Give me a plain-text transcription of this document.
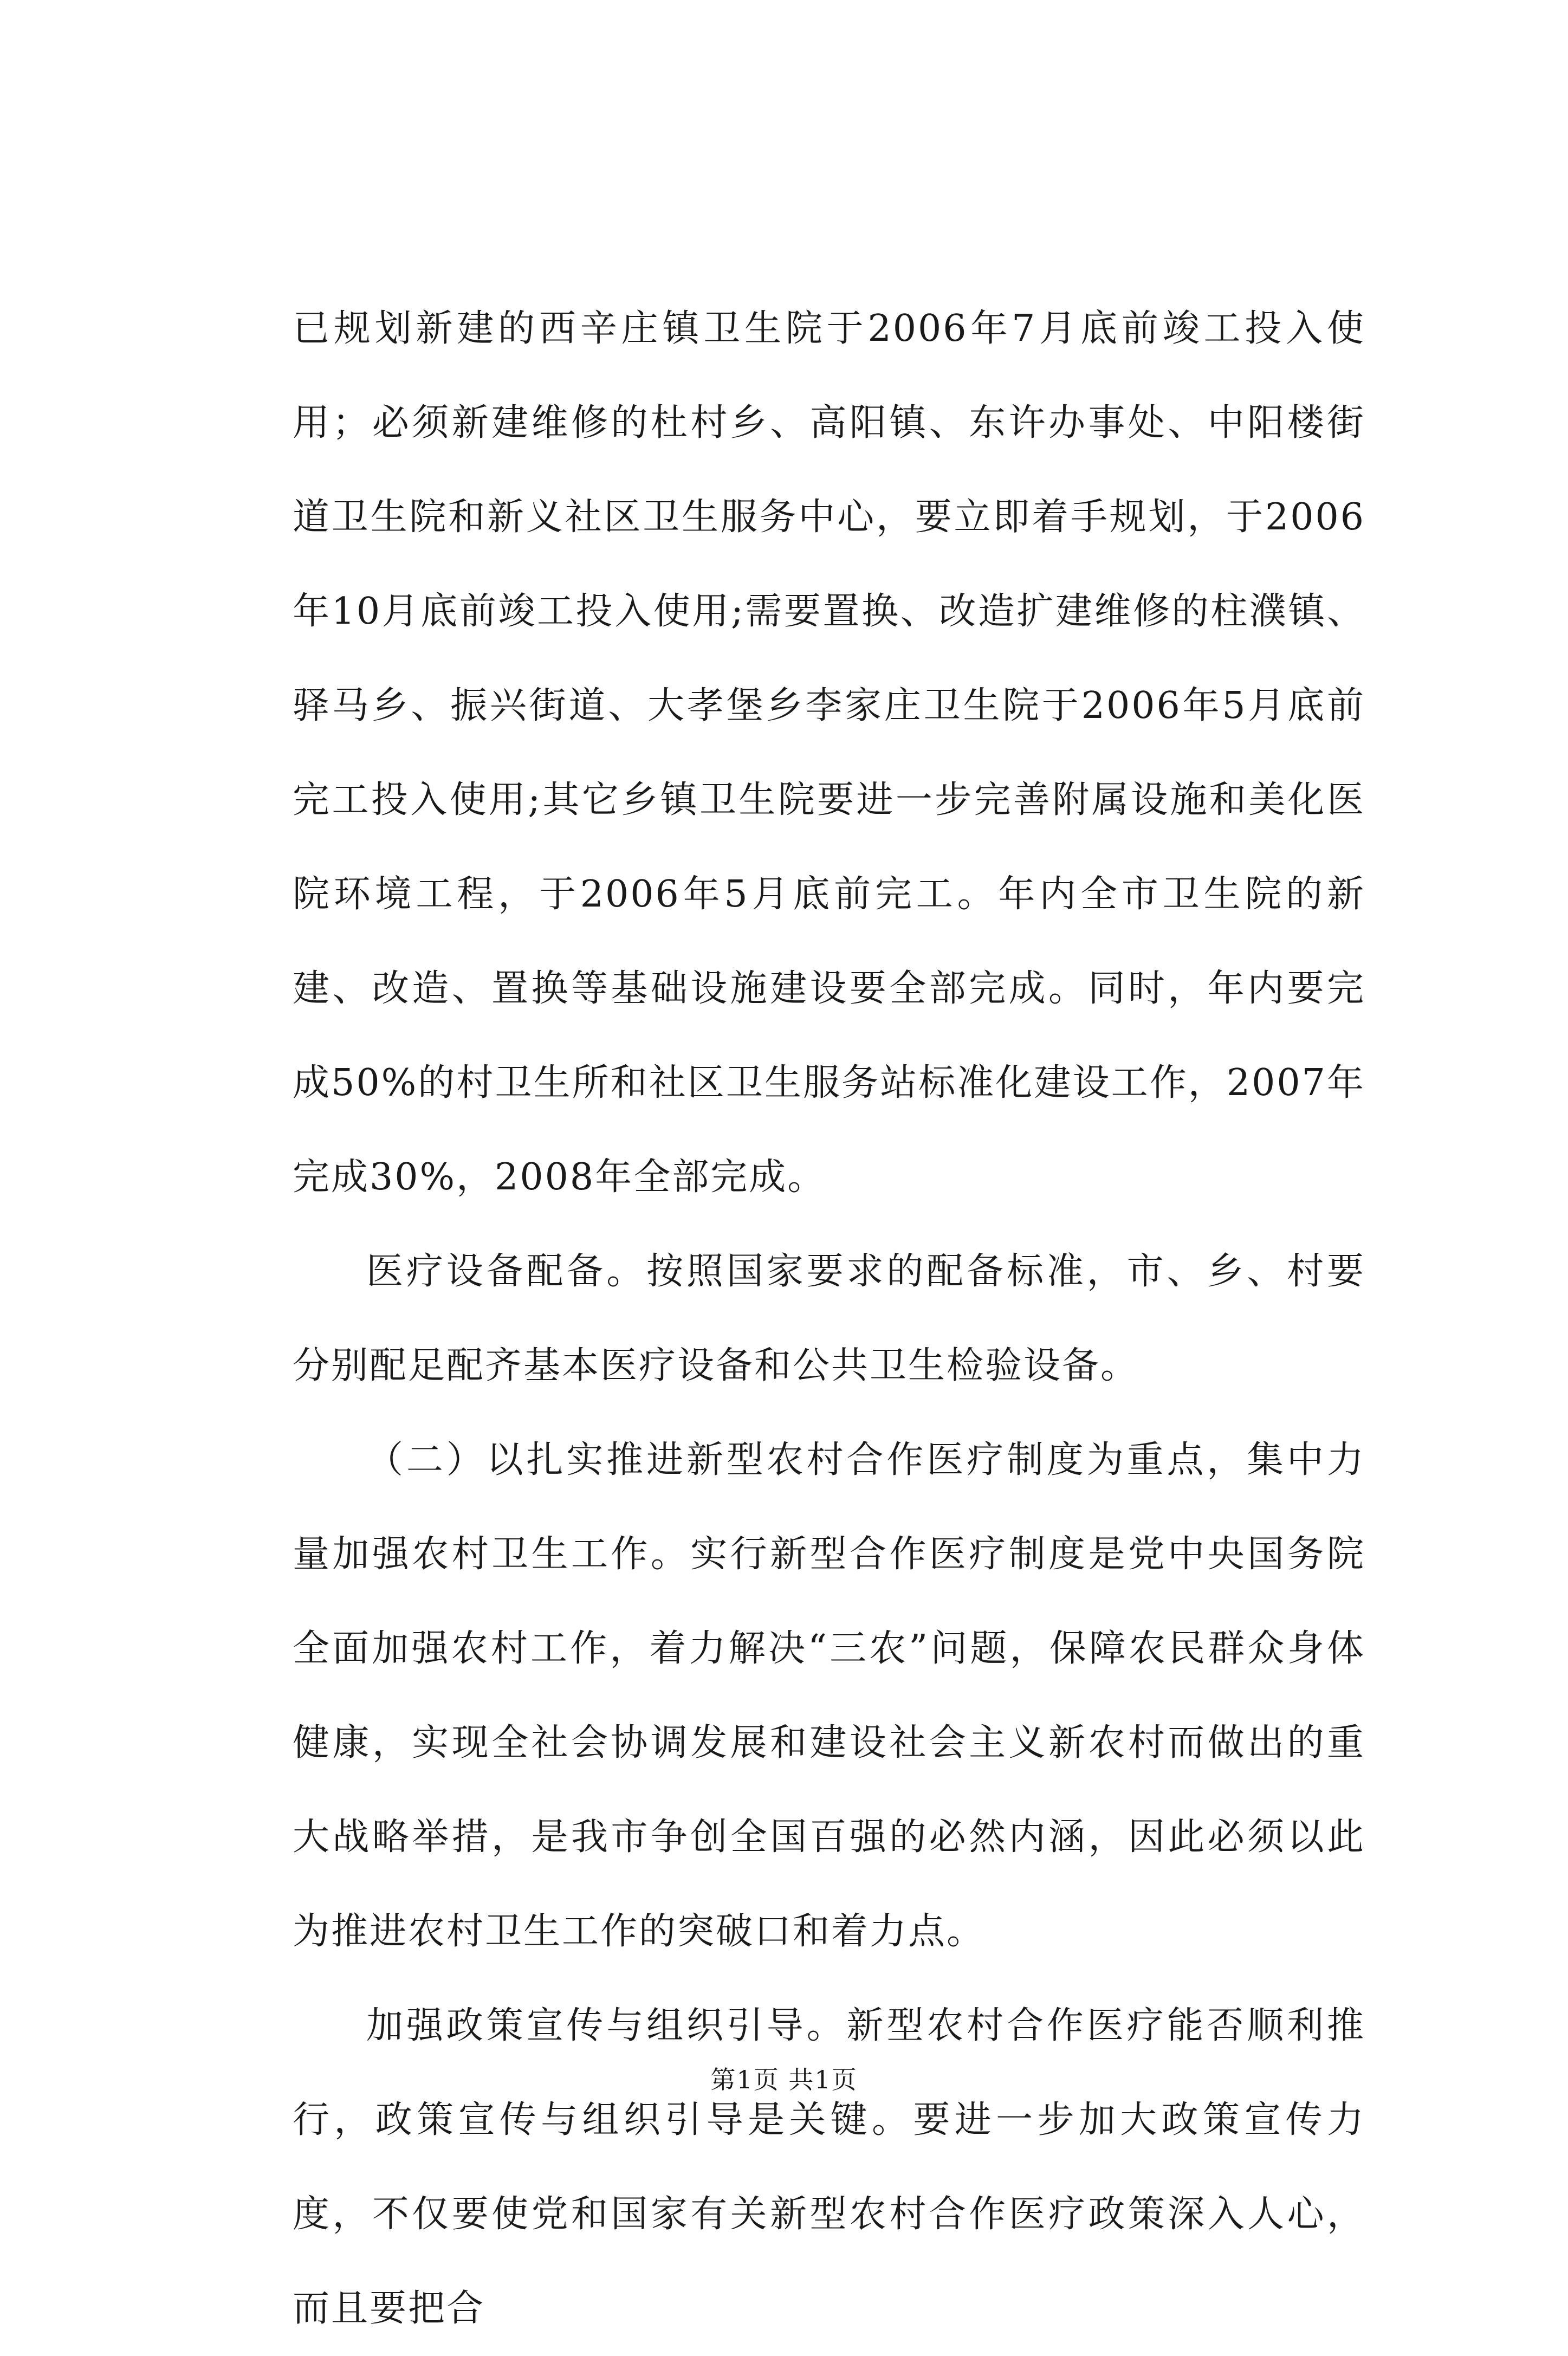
已规划新建的西辛庄镇卫生院于2006年7月底前竣工投入使用；必须新建维修的杜村乡、高阳镇、东许办事处、中阳楼街道卫生院和新义社区卫生服务中心，要立即着手规划，于2006年10月底前竣工投入使用;需要置换、改造扩建维修的柱濮镇、驿马乡、振兴街道、大孝堡乡李家庄卫生院于2006年5月底前完工投入使用;其它乡镇卫生院要进一步完善附属设施和美化医院环境工程，于2006年5月底前完工。年内全市卫生院的新建、改造、置换等基础设施建设要全部完成。同时，年内要完成50%的村卫生所和社区卫生服务站标准化建设工作，2007年完成30%，2008年全部完成。

医疗设备配备。按照国家要求的配备标准，市、乡、村要分别配足配齐基本医疗设备和公共卫生检验设备。

（二）以扎实推进新型农村合作医疗制度为重点，集中力量加强农村卫生工作。实行新型合作医疗制度是党中央国务院全面加强农村工作，着力解决“三农”问题，保障农民群众身体健康，实现全社会协调发展和建设社会主义新农村而做出的重大战略举措，是我市争创全国百强的必然内涵，因此必须以此为推进农村卫生工作的突破口和着力点。

加强政策宣传与组织引导。新型农村合作医疗能否顺利推行，政策宣传与组织引导是关键。要进一步加大政策宣传力度，不仅要使党和国家有关新型农村合作医疗政策深入人心，而且要把合

第1页 共1页
